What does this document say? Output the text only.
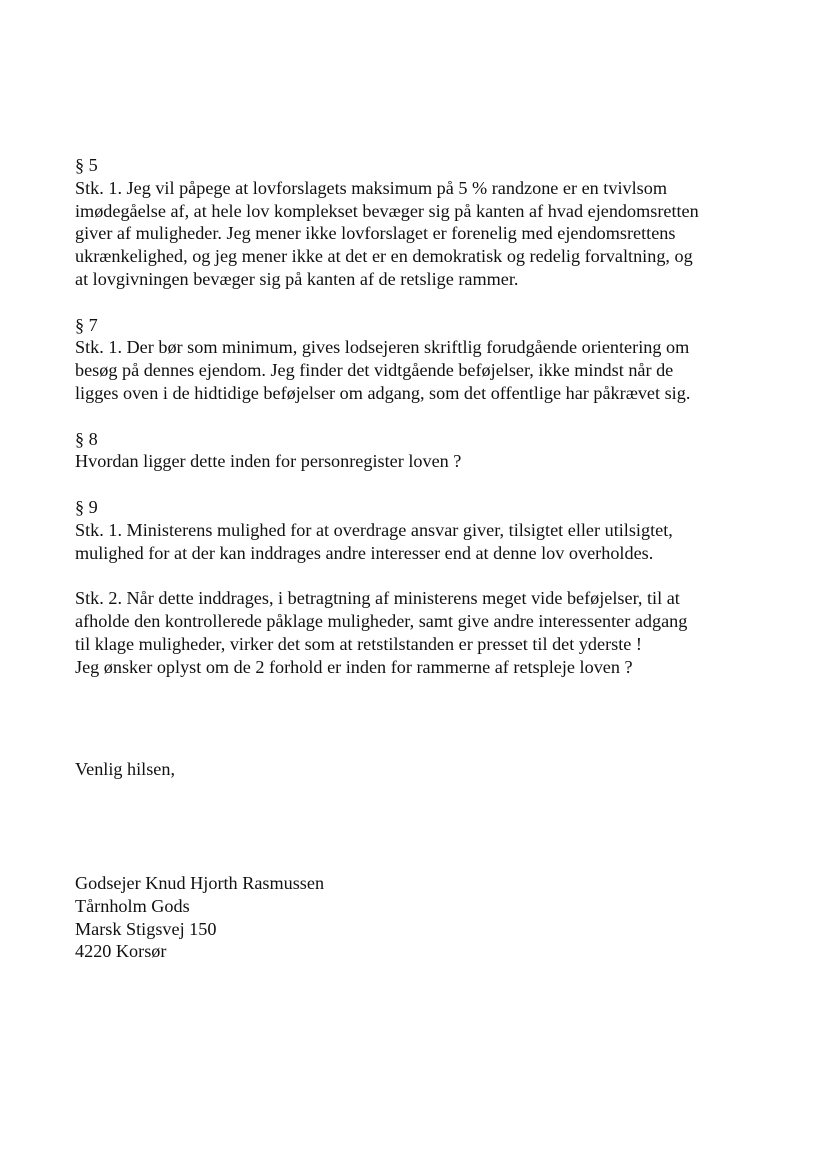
§ 5
Stk. 1. Jeg vil påpege at lovforslagets maksimum på 5 % randzone er en tvivlsom
imødegåelse af, at hele lov komplekset bevæger sig på kanten af hvad ejendomsretten
giver af muligheder. Jeg mener ikke lovforslaget er forenelig med ejendomsrettens
ukrænkelighed, og jeg mener ikke at det er en demokratisk og redelig forvaltning, og
at lovgivningen bevæger sig på kanten af de retslige rammer.
§ 7
Stk. 1. Der bør som minimum, gives lodsejeren skriftlig forudgående orientering om
besøg på dennes ejendom. Jeg finder det vidtgående beføjelser, ikke mindst når de
ligges oven i de hidtidige beføjelser om adgang, som det offentlige har påkrævet sig.
§ 8
Hvordan ligger dette inden for personregister loven ?
§ 9
Stk. 1. Ministerens mulighed for at overdrage ansvar giver, tilsigtet eller utilsigtet,
mulighed for at der kan inddrages andre interesser end at denne lov overholdes.
Stk. 2. Når dette inddrages, i betragtning af ministerens meget vide beføjelser, til at
afholde den kontrollerede påklage muligheder, samt give andre interessenter adgang
til klage muligheder, virker det som at retstilstanden er presset til det yderste !
Jeg ønsker oplyst om de 2 forhold er inden for rammerne af retspleje loven ?
Venlig hilsen,
Godsejer Knud Hjorth Rasmussen
Tårnholm Gods
Marsk Stigsvej 150
4220 Korsør
